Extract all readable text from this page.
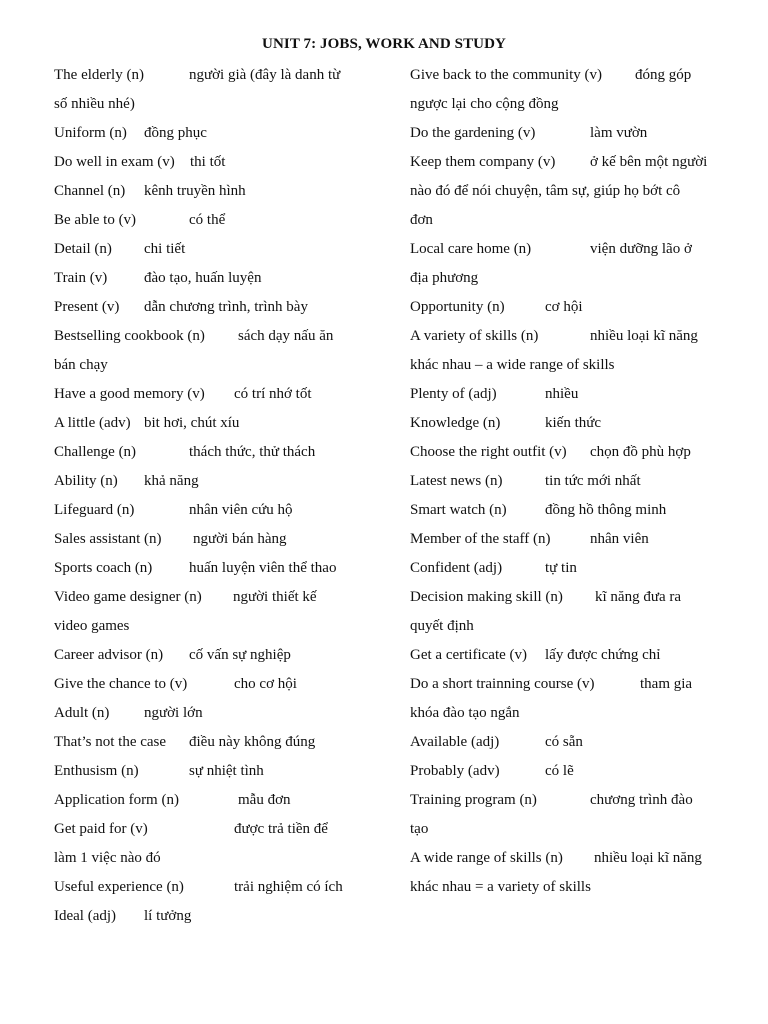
UNIT 7: JOBS, WORK AND STUDY
The elderly (n)	người già (đây là danh từ
số nhiều nhé)
Uniform (n) đồng phục
Do well in exam (v) thi tốt
Channel (n) kênh truyền hình
Be able to (v)	có thể
Detail (n) chi tiết
Train (v) đào tạo, huấn luyện
Present (v) dẫn chương trình, trình bày
Bestselling cookbook (n) sách dạy nấu ăn
bán chạy
Have a good memory (v) có trí nhớ tốt
A little (adv) bit hơi, chút xíu
Challenge (n)	thách thức, thử thách
Ability (n) khả năng
Lifeguard (n)	nhân viên cứu hộ
Sales assistant (n) người bán hàng
Sports coach (n) huấn luyện viên thể thao
Video game designer (n) người thiết kế
video games
Career advisor (n) cố vấn sự nghiệp
Give the chance to (v)	cho cơ hội
Adult (n) người lớn
That’s not the case điều này không đúng
Enthusism (n)	sự nhiệt tình
Application form (n)	mẫu đơn
Get paid for (v)	được trả tiền để
làm 1 việc nào đó
Useful experience (n)	trải nghiệm có ích
Ideal (adj) lí tưởng
Give back to the community (v) đóng góp
ngược lại cho cộng đồng
Do the gardening (v)	làm vườn
Keep them company (v) ở kế bên một người
nào đó để nói chuyện, tâm sự, giúp họ bớt cô
đơn
Local care home (n)	viện dưỡng lão ở
địa phương
Opportunity (n)	cơ hội
A variety of skills (n)	nhiều loại kĩ năng
khác nhau – a wide range of skills
Plenty of (adj)	nhiều
Knowledge (n)	kiến thức
Choose the right outfit (v) chọn đồ phù hợp
Latest news (n)	tin tức mới nhất
Smart watch (n)	đồng hồ thông minh
Member of the staff (n)	nhân viên
Confident (adj)	tự tin
Decision making skill (n) kĩ năng đưa ra
quyết định
Get a certificate (v) lấy được chứng chỉ
Do a short trainning course (v)	tham gia
khóa đào tạo ngắn
Available (adj)	có sẵn
Probably (adv)	có lẽ
Training program (n)	chương trình đào
tạo
A wide range of skills (n) nhiều loại kĩ năng
khác nhau = a variety of skills
